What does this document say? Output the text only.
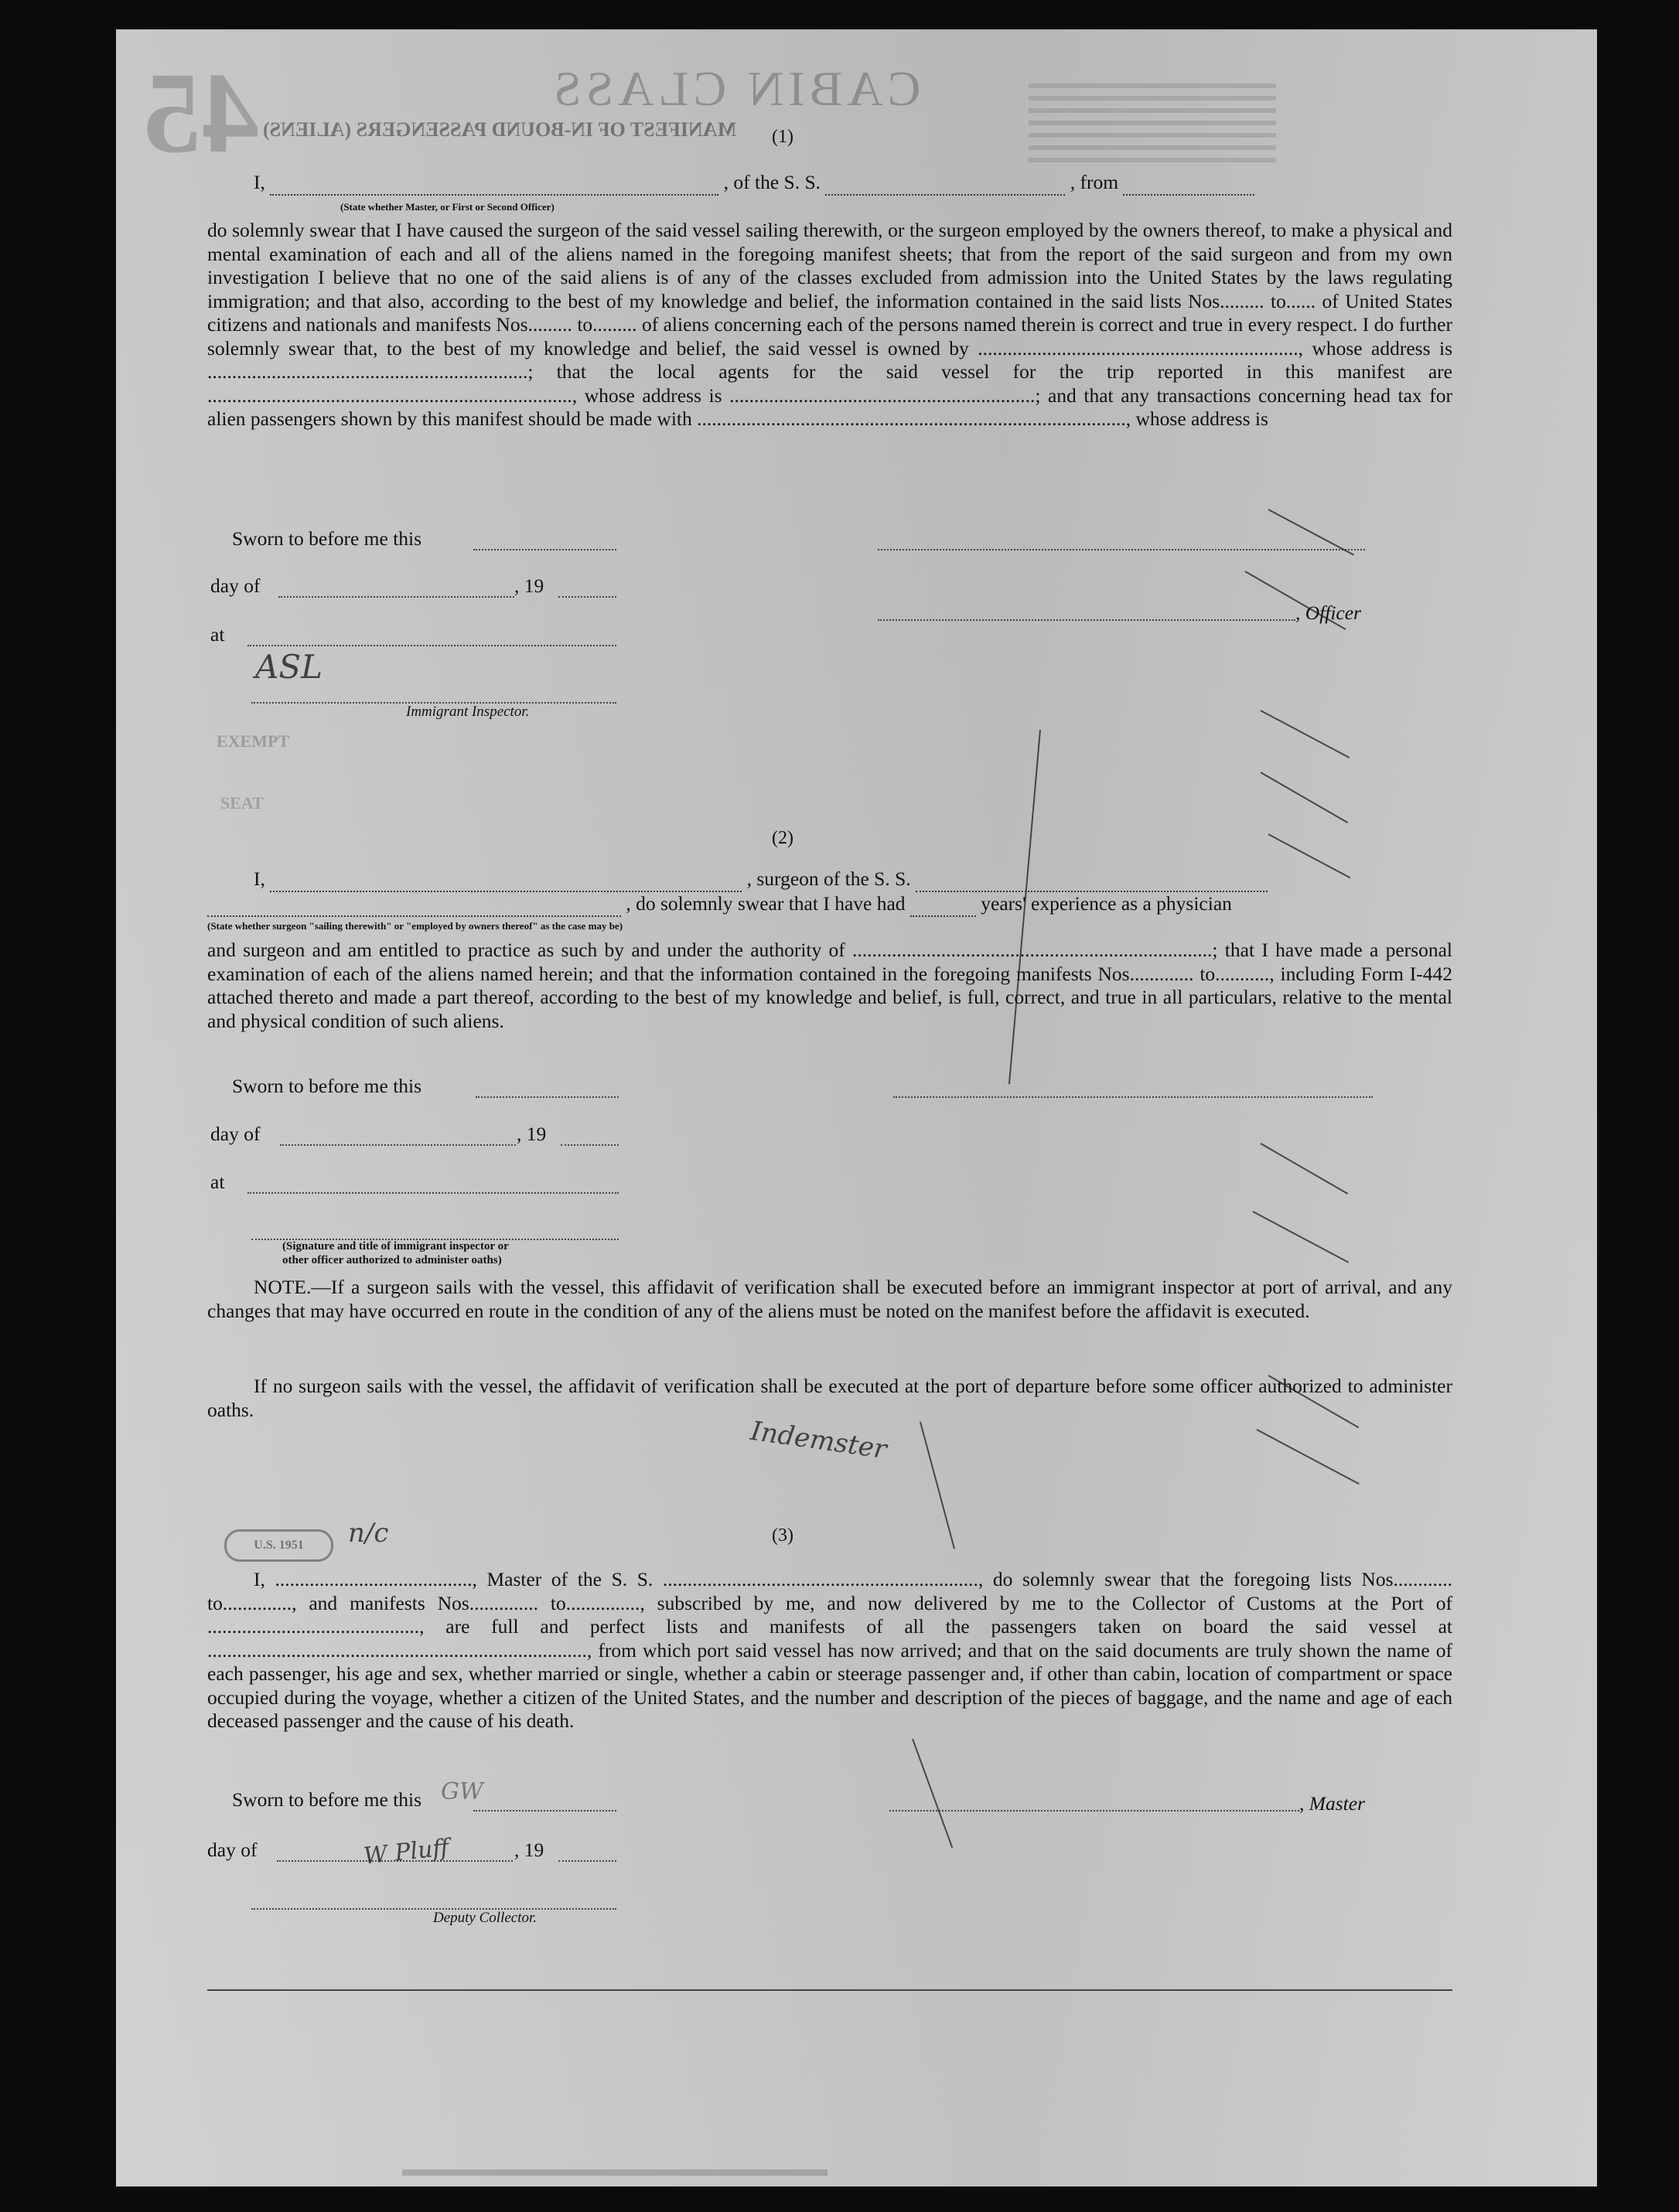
45	CABIN CLASS
MANIFEST OF IN-BOUND PASSENGERS (ALIENS) (1)
I,	, of the S. S.	, from
(State whether Master, or First or Second Officer)
do solemnly swear that I have caused the surgeon of the said vessel sailing therewith, or the surgeon employed by the owners thereof, to make a physical and mental examination of each and all of the aliens named in the foregoing manifest sheets; that from the report of the said surgeon and from my own investigation I believe that no one of the said aliens is of any of the classes excluded from admission into the United States by the laws regulating immigration; and that also, according to the best of my knowledge and belief, the information contained in the said lists Nos......... to...... of United States citizens and nationals and manifests Nos......... to......... of aliens concerning each of the persons named therein is correct and true in every respect. I do further solemnly swear that, to the best of my knowledge and belief, the said vessel is owned by ................................................................., whose address is .................................................................; that the local agents for the said vessel for the trip reported in this manifest are .........................................................................., whose address is ..............................................................; and that any transactions concerning head tax for alien passengers shown by this manifest should be made with ......................................................................................., whose address is
Sworn to before me this
day of	, 19
at
, Officer
Immigrant Inspector.
ASL
EXEMPT
SEAT
(2)
I,	, surgeon of the S. S.
, do solemnly swear that I have had	years' experience as a physician
(State whether surgeon "sailing therewith" or "employed by owners thereof" as the case may be)
and surgeon and am entitled to practice as such by and under the authority of .........................................................................; that I have made a personal examination of each of the aliens named herein; and that the information contained in the foregoing manifests Nos............. to..........., including Form I-442 attached thereto and made a part thereof, according to the best of my knowledge and belief, is full, correct, and true in all particulars, relative to the mental and physical condition of such aliens.
Sworn to before me this
day of	, 19
at
(Signature and title of immigrant inspector or
other officer authorized to administer oaths)
NOTE.—If a surgeon sails with the vessel, this affidavit of verification shall be executed before an immigrant inspector at port of arrival, and any changes that may have occurred en route in the condition of any of the aliens must be noted on the manifest before the affidavit is executed.
If no surgeon sails with the vessel, the affidavit of verification shall be executed at the port of departure before some officer authorized to administer oaths.
Indemster
U.S. 1951	n/c	(3)
I, ........................................, Master of the S. S. ................................................................, do solemnly swear that the foregoing lists Nos............ to.............., and manifests Nos.............. to..............., subscribed by me, and now delivered by me to the Collector of Customs at the Port of ..........................................., are full and perfect lists and manifests of all the passengers taken on board the said vessel at ............................................................................., from which port said vessel has now arrived; and that on the said documents are truly shown the name of each passenger, his age and sex, whether married or single, whether a cabin or steerage passenger and, if other than cabin, location of compartment or space occupied during the voyage, whether a citizen of the United States, and the number and description of the pieces of baggage, and the name and age of each deceased passenger and the cause of his death.
Sworn to before me this	, Master
day of	, 19
Deputy Collector.
W Pluff
GW
